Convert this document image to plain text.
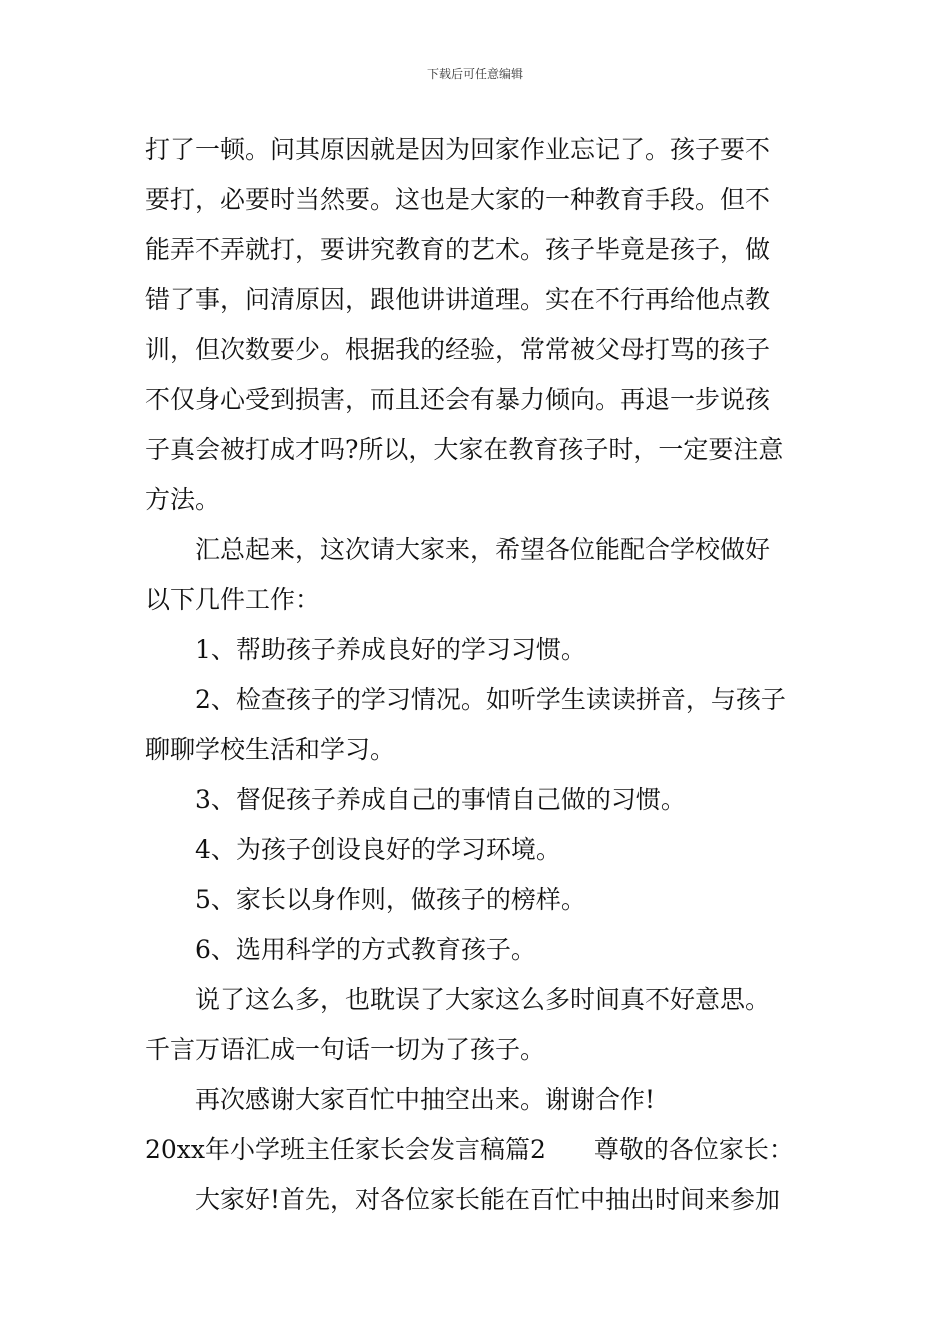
下载后可任意编辑

打了一顿。问其原因就是因为回家作业忘记了。孩子要不

要打，必要时当然要。这也是大家的一种教育手段。但不

能弄不弄就打，要讲究教育的艺术。孩子毕竟是孩子，做

错了事，问清原因，跟他讲讲道理。实在不行再给他点教

训，但次数要少。根据我的经验，常常被父母打骂的孩子

不仅身心受到损害，而且还会有暴力倾向。再退一步说孩

子真会被打成才吗?所以，大家在教育孩子时，一定要注意

方法。

汇总起来，这次请大家来，希望各位能配合学校做好

以下几件工作：

1、帮助孩子养成良好的学习习惯。

2、检查孩子的学习情况。如听学生读读拼音，与孩子

聊聊学校生活和学习。

3、督促孩子养成自己的事情自己做的习惯。

4、为孩子创设良好的学习环境。

5、家长以身作则，做孩子的榜样。

6、选用科学的方式教育孩子。

说了这么多，也耽误了大家这么多时间真不好意思。

千言万语汇成一句话一切为了孩子。

再次感谢大家百忙中抽空出来。谢谢合作!

20xx年小学班主任家长会发言稿篇2 尊敬的各位家长：

大家好!首先，对各位家长能在百忙中抽出时间来参加
